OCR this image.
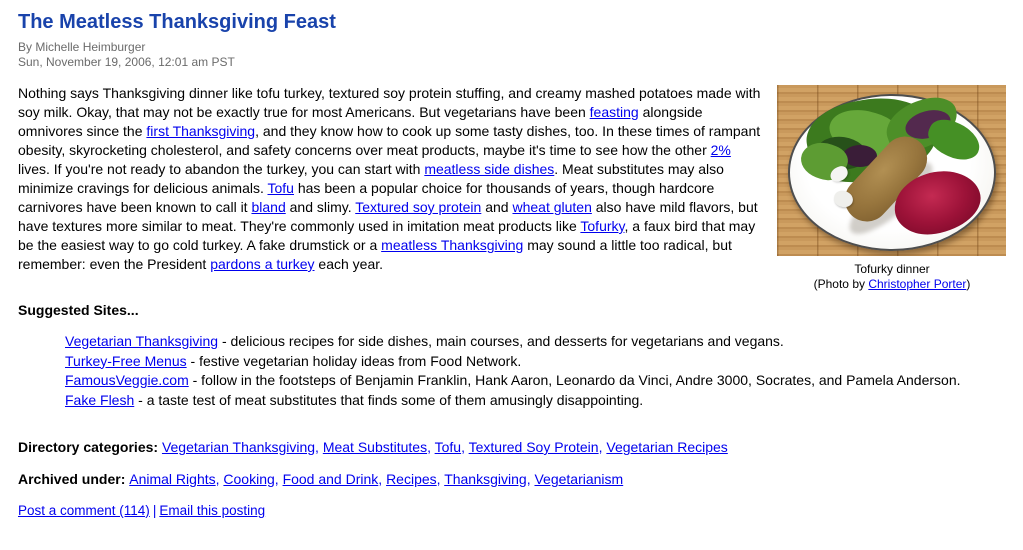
The Meatless Thanksgiving Feast
By Michelle Heimburger
Sun, November 19, 2006, 12:01 am PST
Tofurky dinner
(Photo by Christopher Porter)

Nothing says Thanksgiving dinner like tofu turkey, textured soy protein stuffing, and creamy mashed potatoes made with soy milk. Okay, that may not be exactly true for most Americans. But vegetarians have been feasting alongside omnivores since the first Thanksgiving, and they know how to cook up some tasty dishes, too. In these times of rampant obesity, skyrocketing cholesterol, and safety concerns over meat products, maybe it's time to see how the other 2% lives. If you're not ready to abandon the turkey, you can start with meatless side dishes. Meat substitutes may also minimize cravings for delicious animals. Tofu has been a popular choice for thousands of years, though hardcore carnivores have been known to call it bland and slimy. Textured soy protein and wheat gluten also have mild flavors, but have textures more similar to meat. They're commonly used in imitation meat products like Tofurky, a faux bird that may be the easiest way to go cold turkey. A fake drumstick or a meatless Thanksgiving may sound a little too radical, but remember: even the President pardons a turkey each year.

Suggested Sites...
Vegetarian Thanksgiving - delicious recipes for side dishes, main courses, and desserts for vegetarians and vegans.
Turkey-Free Menus - festive vegetarian holiday ideas from Food Network.
FamousVeggie.com - follow in the footsteps of Benjamin Franklin, Hank Aaron, Leonardo da Vinci, Andre 3000, Socrates, and Pamela Anderson.
Fake Flesh - a taste test of meat substitutes that finds some of them amusingly disappointing.
Directory categories: Vegetarian Thanksgiving, Meat Substitutes, Tofu, Textured Soy Protein, Vegetarian Recipes
Archived under: Animal Rights, Cooking, Food and Drink, Recipes, Thanksgiving, Vegetarianism
Post a comment (114) | Email this posting
